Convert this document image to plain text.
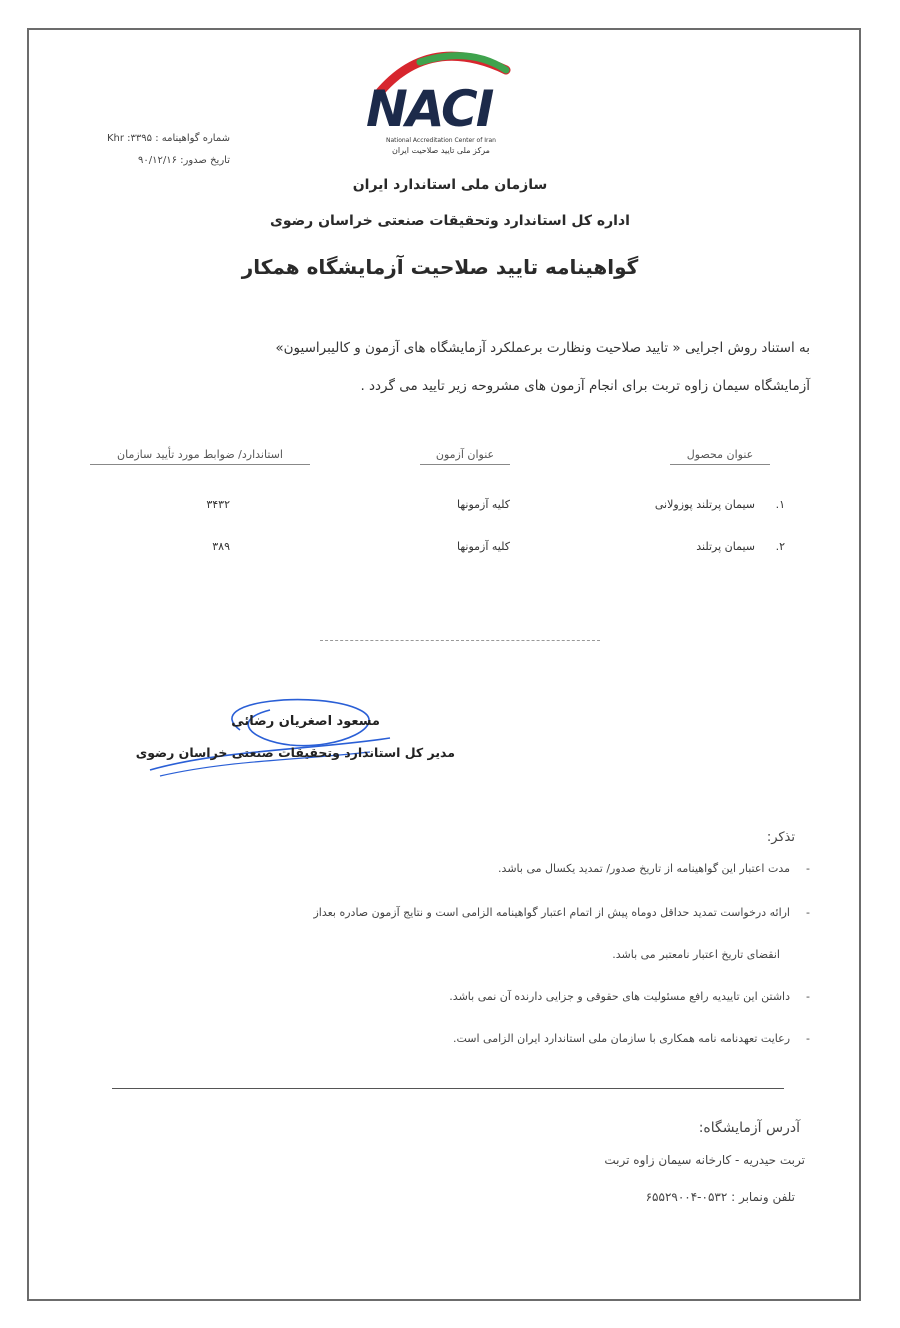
NACI
National Accreditation Center of Iran
مرکز ملی تایید صلاحیت ایران
شماره گواهینامه : ۳۳۹۵: Khr
تاریخ صدور: ۹۰/۱۲/۱۶
سازمان ملی استاندارد ایران
اداره کل استاندارد وتحقیقات صنعتی خراسان رضوی
گواهینامه تایید صلاحیت آزمایشگاه همکار
به استناد روش اجرایی « تایید صلاحیت ونظارت برعملکرد آزمایشگاه های آزمون و کالیبراسیون»
آزمایشگاه سیمان زاوه تربت برای انجام آزمون های مشروحه زیر تایید می گردد .
عنوان محصول
عنوان آزمون
استاندارد/ ضوابط مورد تأیید سازمان
۱.
سیمان پرتلند پوزولانی
کلیه آزمونها
۳۴۳۲
۲.
سیمان پرتلند
کلیه آزمونها
۳۸۹
مسعود اصغریان رضائی
مدیر کل استاندارد وتحقیقات صنعتی خراسان رضوی
تذکر:
-
مدت اعتبار این گواهینامه از تاریخ صدور/ تمدید یکسال می باشد.
-
ارائه درخواست تمدید حداقل دوماه پیش از اتمام اعتبار گواهینامه الزامی است و نتایج آزمون صادره بعداز
انقضای تاریخ اعتبار نامعتبر می باشد.
-
داشتن این تاییدیه رافع مسئولیت های حقوقی و جزایی دارنده آن نمی باشد.
-
رعایت تعهدنامه نامه همکاری با سازمان ملی استاندارد ایران الزامی است.
آدرس آزمایشگاه:
تربت حیدریه - کارخانه سیمان زاوه تربت
تلفن ونمابر : ۰۵۳۲-۶۵۵۲۹۰۰۴
